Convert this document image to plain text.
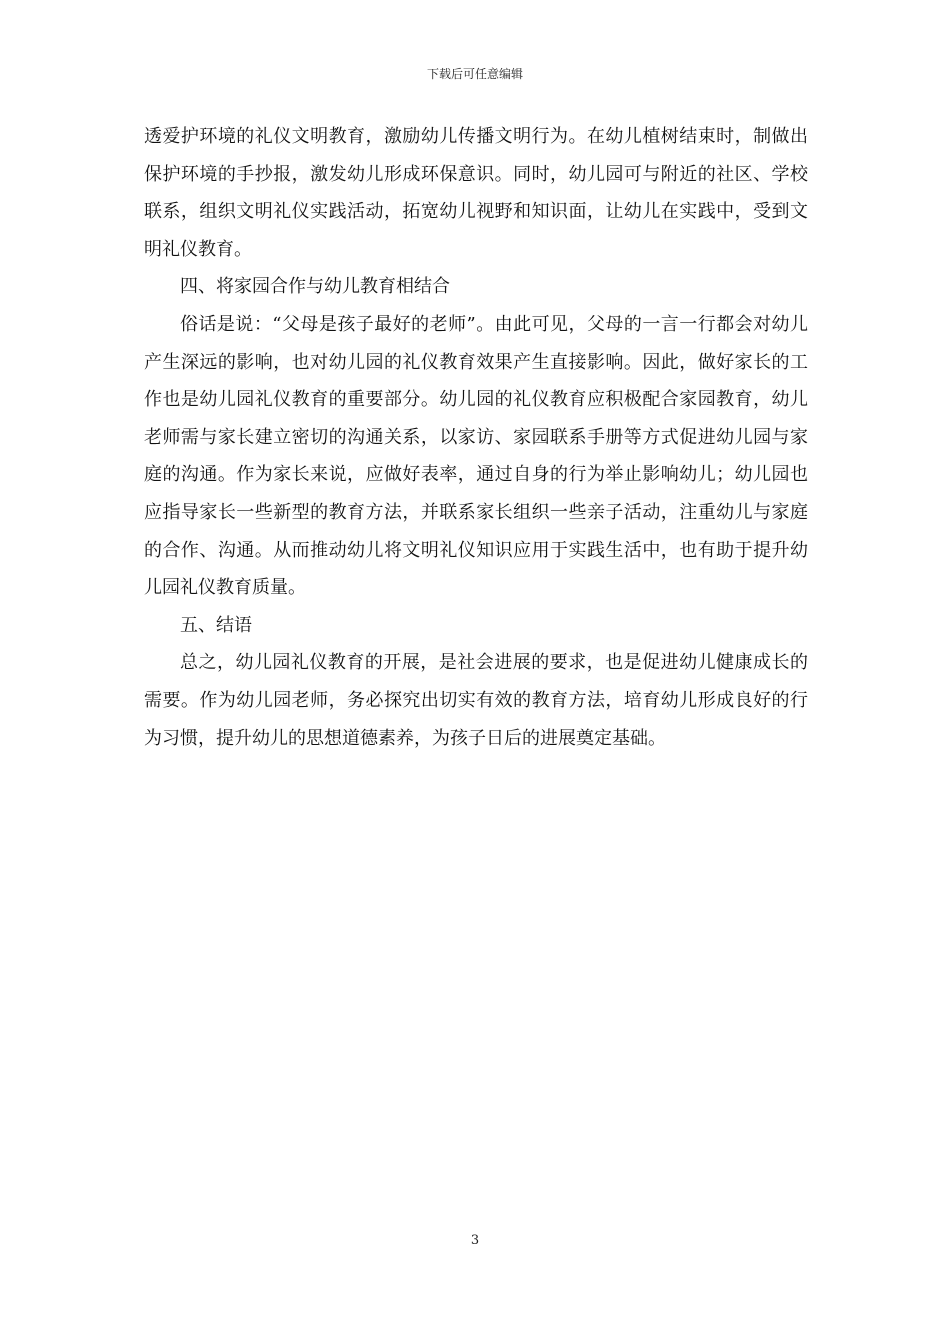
下载后可任意编辑

透爱护环境的礼仪文明教育，激励幼儿传播文明行为。在幼儿植树结束时，制做出保护环境的手抄报，激发幼儿形成环保意识。同时，幼儿园可与附近的社区、学校联系，组织文明礼仪实践活动，拓宽幼儿视野和知识面，让幼儿在实践中，受到文明礼仪教育。

四、将家园合作与幼儿教育相结合

俗话是说：“父母是孩子最好的老师”。由此可见，父母的一言一行都会对幼儿产生深远的影响，也对幼儿园的礼仪教育效果产生直接影响。因此，做好家长的工作也是幼儿园礼仪教育的重要部分。幼儿园的礼仪教育应积极配合家园教育，幼儿老师需与家长建立密切的沟通关系，以家访、家园联系手册等方式促进幼儿园与家庭的沟通。作为家长来说，应做好表率，通过自身的行为举止影响幼儿；幼儿园也应指导家长一些新型的教育方法，并联系家长组织一些亲子活动，注重幼儿与家庭的合作、沟通。从而推动幼儿将文明礼仪知识应用于实践生活中，也有助于提升幼儿园礼仪教育质量。

五、结语

总之，幼儿园礼仪教育的开展，是社会进展的要求，也是促进幼儿健康成长的需要。作为幼儿园老师，务必探究出切实有效的教育方法，培育幼儿形成良好的行为习惯，提升幼儿的思想道德素养，为孩子日后的进展奠定基础。

3
